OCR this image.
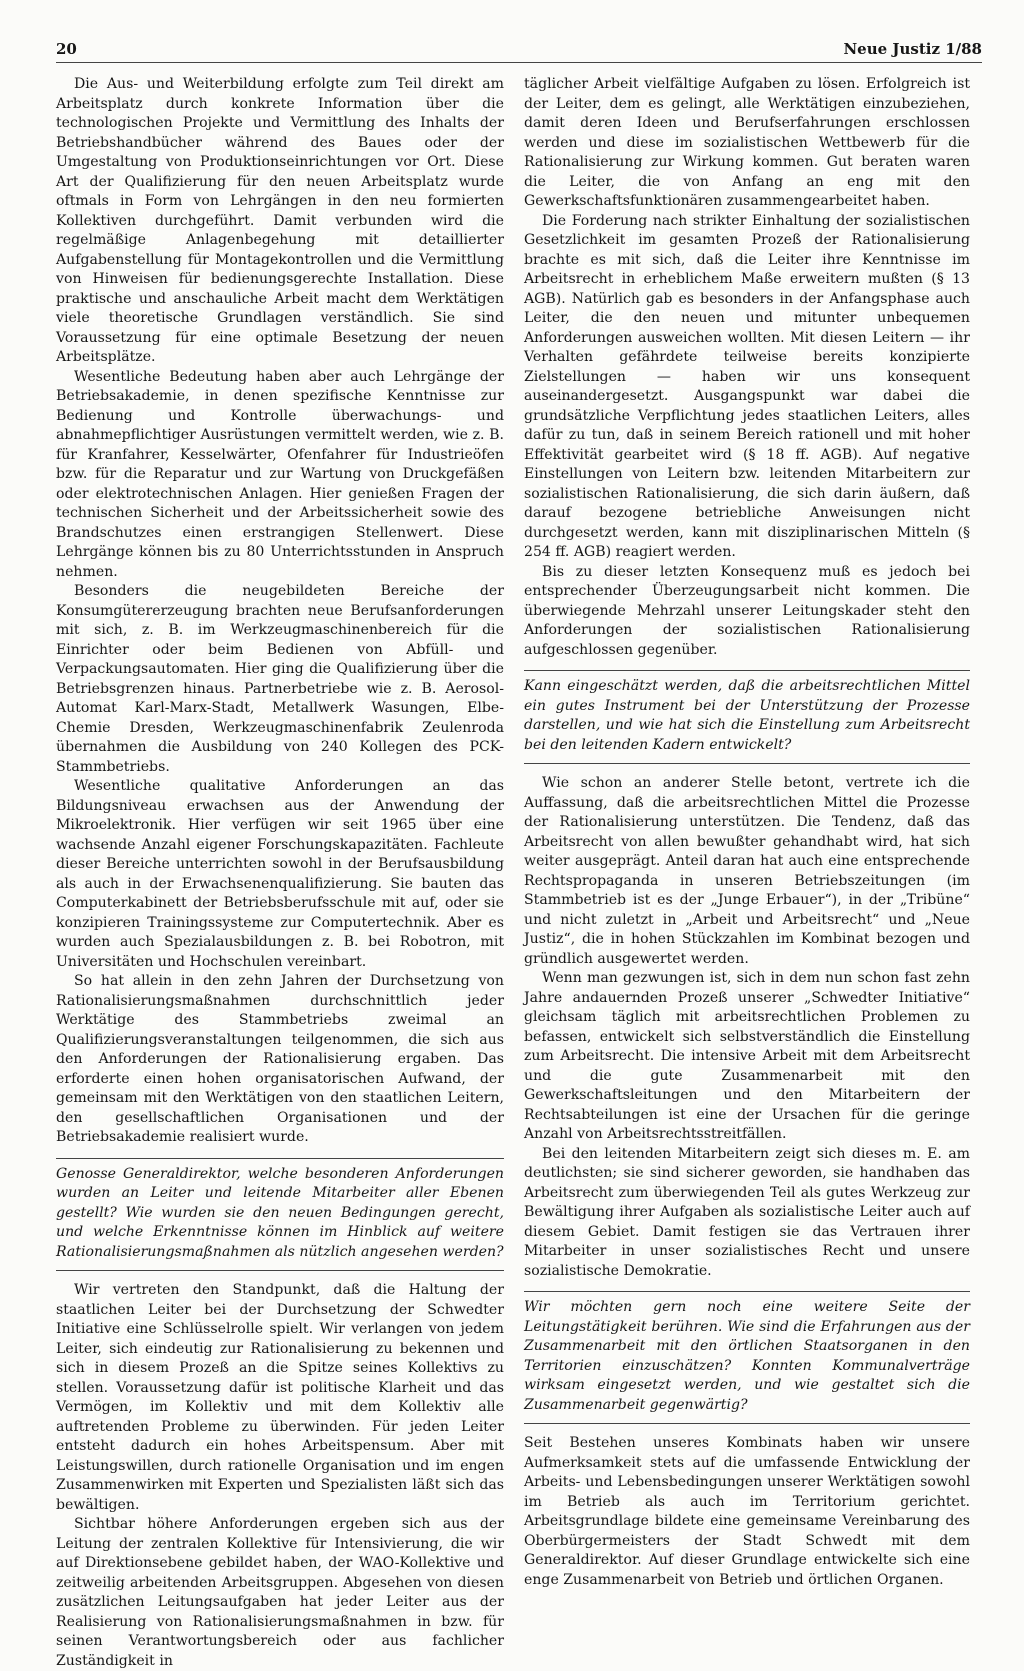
20	Neue Justiz 1/88

Die Aus- und Weiterbildung erfolgte zum Teil direkt am Arbeitsplatz durch konkrete Information über die technologischen Projekte und Vermittlung des Inhalts der Betriebshandbücher während des Baues oder der Umgestaltung von Produktionseinrichtungen vor Ort. Diese Art der Qualifizierung für den neuen Arbeitsplatz wurde oftmals in Form von Lehrgängen in den neu formierten Kollektiven durchgeführt. Damit verbunden wird die regelmäßige Anlagenbegehung mit detaillierter Aufgabenstellung für Montagekontrollen und die Vermittlung von Hinweisen für bedienungsgerechte Installation. Diese praktische und anschauliche Arbeit macht dem Werktätigen viele theoretische Grundlagen verständlich. Sie sind Voraussetzung für eine optimale Besetzung der neuen Arbeitsplätze.

Wesentliche Bedeutung haben aber auch Lehrgänge der Betriebsakademie, in denen spezifische Kenntnisse zur Bedienung und Kontrolle überwachungs- und abnahmepflichtiger Ausrüstungen vermittelt werden, wie z. B. für Kranfahrer, Kesselwärter, Ofenfahrer für Industrieöfen bzw. für die Reparatur und zur Wartung von Druckgefäßen oder elektrotechnischen Anlagen. Hier genießen Fragen der technischen Sicherheit und der Arbeitssicherheit sowie des Brandschutzes einen erstrangigen Stellenwert. Diese Lehrgänge können bis zu 80 Unterrichtsstunden in Anspruch nehmen.

Besonders die neugebildeten Bereiche der Konsumgütererzeugung brachten neue Berufsanforderungen mit sich, z. B. im Werkzeugmaschinenbereich für die Einrichter oder beim Bedienen von Abfüll- und Verpackungsautomaten. Hier ging die Qualifizierung über die Betriebsgrenzen hinaus. Partnerbetriebe wie z. B. Aerosol-Automat Karl-Marx-Stadt, Metallwerk Wasungen, Elbe-Chemie Dresden, Werkzeugmaschinenfabrik Zeulenroda übernahmen die Ausbildung von 240 Kollegen des PCK-Stammbetriebs.

Wesentliche qualitative Anforderungen an das Bildungsniveau erwachsen aus der Anwendung der Mikroelektronik. Hier verfügen wir seit 1965 über eine wachsende Anzahl eigener Forschungskapazitäten. Fachleute dieser Bereiche unterrichten sowohl in der Berufsausbildung als auch in der Erwachsenenqualifizierung. Sie bauten das Computerkabinett der Betriebsberufsschule mit auf, oder sie konzipieren Trainingssysteme zur Computertechnik. Aber es wurden auch Spezialausbildungen z. B. bei Robotron, mit Universitäten und Hochschulen vereinbart.

So hat allein in den zehn Jahren der Durchsetzung von Rationalisierungsmaßnahmen durchschnittlich jeder Werktätige des Stammbetriebs zweimal an Qualifizierungsveranstaltungen teilgenommen, die sich aus den Anforderungen der Rationalisierung ergaben. Das erforderte einen hohen organisatorischen Aufwand, der gemeinsam mit den Werktätigen von den staatlichen Leitern, den gesellschaftlichen Organisationen und der Betriebsakademie realisiert wurde.

Genosse Generaldirektor, welche besonderen Anforderungen wurden an Leiter und leitende Mitarbeiter aller Ebenen gestellt? Wie wurden sie den neuen Bedingungen gerecht, und welche Erkenntnisse können im Hinblick auf weitere Rationalisierungsmaßnahmen als nützlich angesehen werden?

Wir vertreten den Standpunkt, daß die Haltung der staatlichen Leiter bei der Durchsetzung der Schwedter Initiative eine Schlüsselrolle spielt. Wir verlangen von jedem Leiter, sich eindeutig zur Rationalisierung zu bekennen und sich in diesem Prozeß an die Spitze seines Kollektivs zu stellen. Voraussetzung dafür ist politische Klarheit und das Vermögen, im Kollektiv und mit dem Kollektiv alle auftretenden Probleme zu überwinden. Für jeden Leiter entsteht dadurch ein hohes Arbeitspensum. Aber mit Leistungswillen, durch rationelle Organisation und im engen Zusammenwirken mit Experten und Spezialisten läßt sich das bewältigen.

Sichtbar höhere Anforderungen ergeben sich aus der Leitung der zentralen Kollektive für Intensivierung, die wir auf Direktionsebene gebildet haben, der WAO-Kollektive und zeitweilig arbeitenden Arbeitsgruppen. Abgesehen von diesen zusätzlichen Leitungsaufgaben hat jeder Leiter aus der Realisierung von Rationalisierungsmaßnahmen in bzw. für seinen Verantwortungsbereich oder aus fachlicher Zuständigkeit in

täglicher Arbeit vielfältige Aufgaben zu lösen. Erfolgreich ist der Leiter, dem es gelingt, alle Werktätigen einzubeziehen, damit deren Ideen und Berufserfahrungen erschlossen werden und diese im sozialistischen Wettbewerb für die Rationalisierung zur Wirkung kommen. Gut beraten waren die Leiter, die von Anfang an eng mit den Gewerkschaftsfunktionären zusammengearbeitet haben.

Die Forderung nach strikter Einhaltung der sozialistischen Gesetzlichkeit im gesamten Prozeß der Rationalisierung brachte es mit sich, daß die Leiter ihre Kenntnisse im Arbeitsrecht in erheblichem Maße erweitern mußten (§ 13 AGB). Natürlich gab es besonders in der Anfangsphase auch Leiter, die den neuen und mitunter unbequemen Anforderungen ausweichen wollten. Mit diesen Leitern — ihr Verhalten gefährdete teilweise bereits konzipierte Zielstellungen — haben wir uns konsequent auseinandergesetzt. Ausgangspunkt war dabei die grundsätzliche Verpflichtung jedes staatlichen Leiters, alles dafür zu tun, daß in seinem Bereich rationell und mit hoher Effektivität gearbeitet wird (§ 18 ff. AGB). Auf negative Einstellungen von Leitern bzw. leitenden Mitarbeitern zur sozialistischen Rationalisierung, die sich darin äußern, daß darauf bezogene betriebliche Anweisungen nicht durchgesetzt werden, kann mit disziplinarischen Mitteln (§ 254 ff. AGB) reagiert werden.

Bis zu dieser letzten Konsequenz muß es jedoch bei entsprechender Überzeugungsarbeit nicht kommen. Die überwiegende Mehrzahl unserer Leitungskader steht den Anforderungen der sozialistischen Rationalisierung aufgeschlossen gegenüber.

Kann eingeschätzt werden, daß die arbeitsrechtlichen Mittel ein gutes Instrument bei der Unterstützung der Prozesse darstellen, und wie hat sich die Einstellung zum Arbeitsrecht bei den leitenden Kadern entwickelt?

Wie schon an anderer Stelle betont, vertrete ich die Auffassung, daß die arbeitsrechtlichen Mittel die Prozesse der Rationalisierung unterstützen. Die Tendenz, daß das Arbeitsrecht von allen bewußter gehandhabt wird, hat sich weiter ausgeprägt. Anteil daran hat auch eine entsprechende Rechtspropaganda in unseren Betriebszeitungen (im Stammbetrieb ist es der „Junge Erbauer“), in der „Tribüne“ und nicht zuletzt in „Arbeit und Arbeitsrecht“ und „Neue Justiz“, die in hohen Stückzahlen im Kombinat bezogen und gründlich ausgewertet werden.

Wenn man gezwungen ist, sich in dem nun schon fast zehn Jahre andauernden Prozeß unserer „Schwedter Initiative“ gleichsam täglich mit arbeitsrechtlichen Problemen zu befassen, entwickelt sich selbstverständlich die Einstellung zum Arbeitsrecht. Die intensive Arbeit mit dem Arbeitsrecht und die gute Zusammenarbeit mit den Gewerkschaftsleitungen und den Mitarbeitern der Rechtsabteilungen ist eine der Ursachen für die geringe Anzahl von Arbeitsrechtsstreitfällen.

Bei den leitenden Mitarbeitern zeigt sich dieses m. E. am deutlichsten; sie sind sicherer geworden, sie handhaben das Arbeitsrecht zum überwiegenden Teil als gutes Werkzeug zur Bewältigung ihrer Aufgaben als sozialistische Leiter auch auf diesem Gebiet. Damit festigen sie das Vertrauen ihrer Mitarbeiter in unser sozialistisches Recht und unsere sozialistische Demokratie.

Wir möchten gern noch eine weitere Seite der Leitungstätigkeit berühren. Wie sind die Erfahrungen aus der Zusammenarbeit mit den örtlichen Staatsorganen in den Territorien einzuschätzen? Konnten Kommunalverträge wirksam eingesetzt werden, und wie gestaltet sich die Zusammenarbeit gegenwärtig?

Seit Bestehen unseres Kombinats haben wir unsere Aufmerksamkeit stets auf die umfassende Entwicklung der Arbeits- und Lebensbedingungen unserer Werktätigen sowohl im Betrieb als auch im Territorium gerichtet. Arbeitsgrundlage bildete eine gemeinsame Vereinbarung des Oberbürgermeisters der Stadt Schwedt mit dem Generaldirektor. Auf dieser Grundlage entwickelte sich eine enge Zusammenarbeit von Betrieb und örtlichen Organen.
